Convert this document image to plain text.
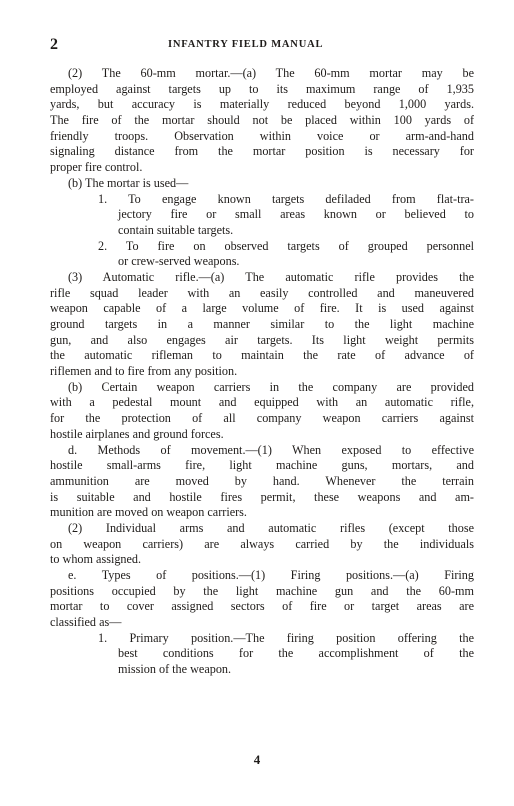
2	INFANTRY FIELD MANUAL
(2) The 60-mm mortar.—(a) The 60-mm mortar may be
employed against targets up to its maximum range of 1,935
yards, but accuracy is materially reduced beyond 1,000 yards.
The fire of the mortar should not be placed within 100 yards of
friendly troops. Observation within voice or arm-and-hand
signaling distance from the mortar position is necessary for
proper fire control.
(b) The mortar is used—
1. To engage known targets defiladed from flat-tra-
jectory fire or small areas known or believed to
contain suitable targets.
2. To fire on observed targets of grouped personnel
or crew-served weapons.
(3) Automatic rifle.—(a) The automatic rifle provides the
rifle squad leader with an easily controlled and maneuvered
weapon capable of a large volume of fire. It is used against
ground targets in a manner similar to the light machine
gun, and also engages air targets. Its light weight permits
the automatic rifleman to maintain the rate of advance of
riflemen and to fire from any position.
(b) Certain weapon carriers in the company are provided
with a pedestal mount and equipped with an automatic rifle,
for the protection of all company weapon carriers against
hostile airplanes and ground forces.
d. Methods of movement.—(1) When exposed to effective
hostile small-arms fire, light machine guns, mortars, and
ammunition are moved by hand. Whenever the terrain
is suitable and hostile fires permit, these weapons and am-
munition are moved on weapon carriers.
(2) Individual arms and automatic rifles (except those
on weapon carriers) are always carried by the individuals
to whom assigned.
e. Types of positions.—(1) Firing positions.—(a) Firing
positions occupied by the light machine gun and the 60-mm
mortar to cover assigned sectors of fire or target areas are
classified as—
1. Primary position.—The firing position offering the
best conditions for the accomplishment of the
mission of the weapon.
4
